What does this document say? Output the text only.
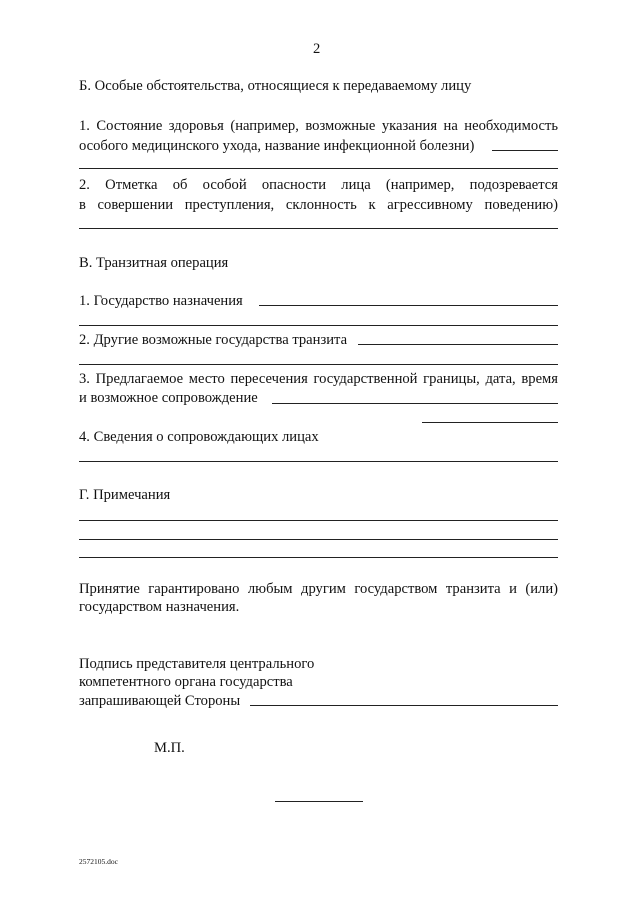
2
Б. Особые обстоятельства, относящиеся к передаваемому лицу
1. Состояние здоровья (например, возможные указания на необходимость
особого медицинского ухода, название инфекционной болезни)
2. Отметка об особой опасности лица (например, подозревается
в совершении преступления, склонность к агрессивному поведению)
В. Транзитная операция
1. Государство назначения
2. Другие возможные государства транзита
3. Предлагаемое место пересечения государственной границы, дата, время
и возможное сопровождение
4. Сведения о сопровождающих лицах
Г. Примечания
Принятие гарантировано любым другим государством транзита и (или)
государством назначения.
Подпись представителя центрального
компетентного органа государства
запрашивающей Стороны
М.П.
2572105.doc
